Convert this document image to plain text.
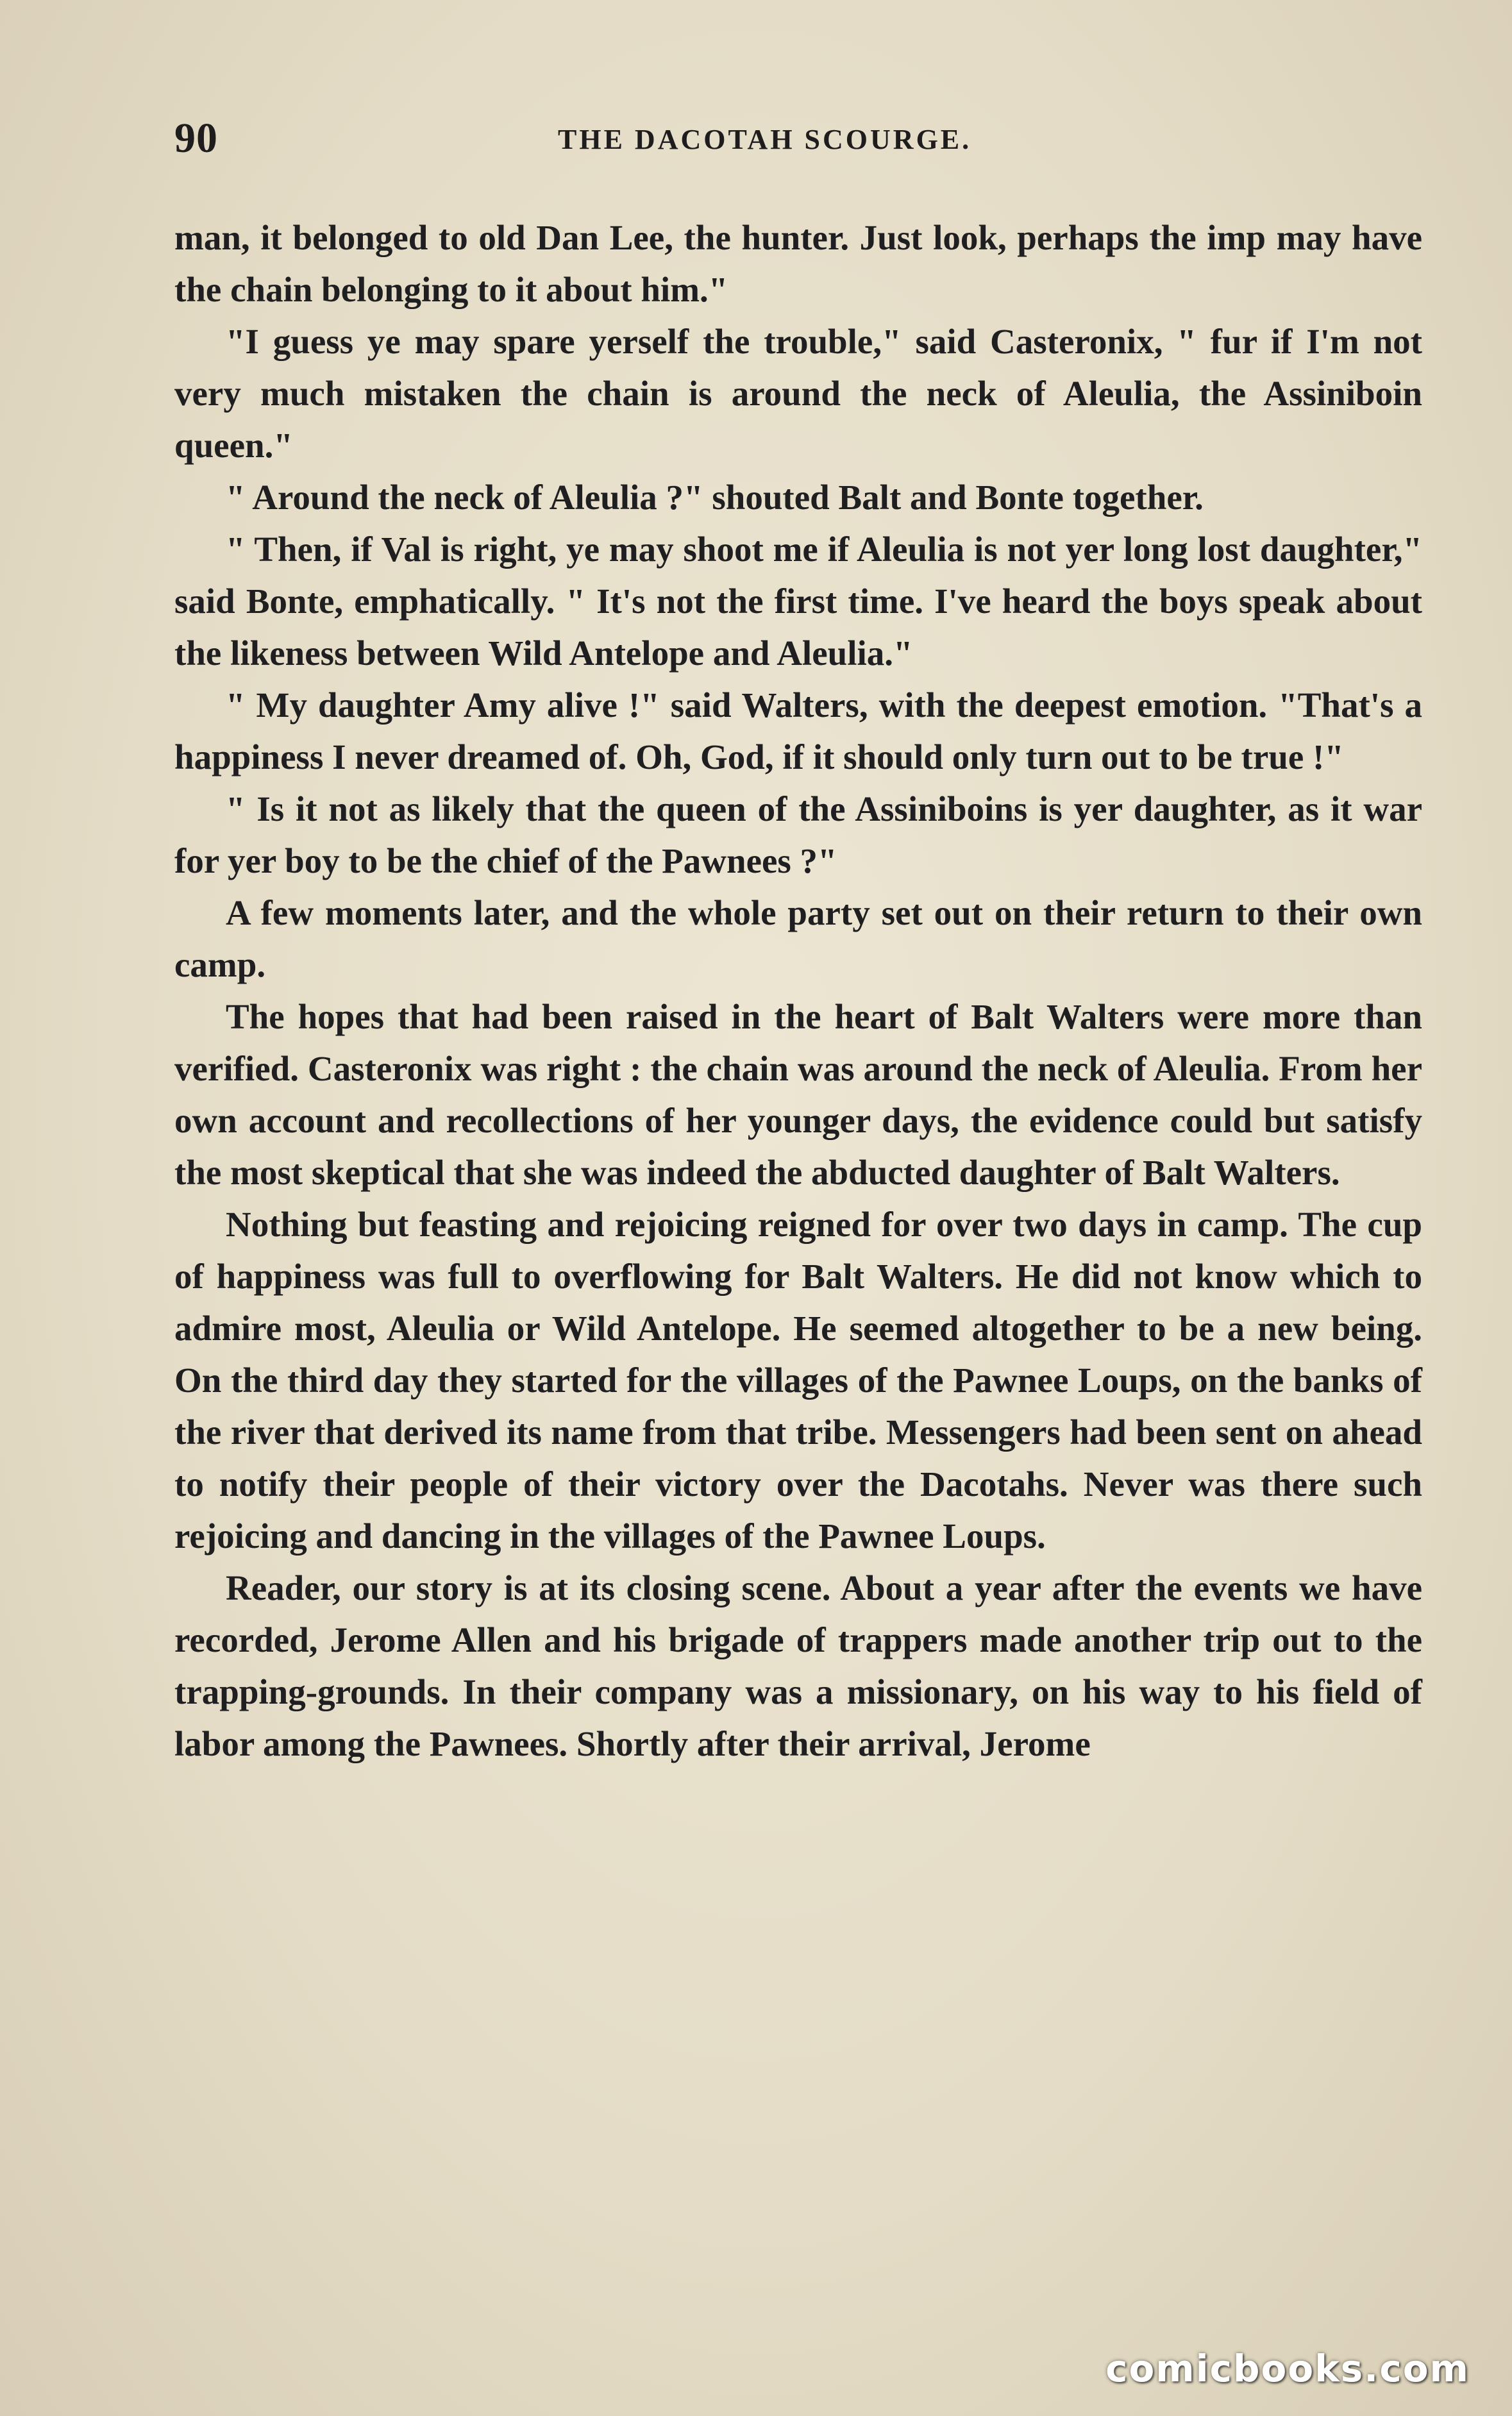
90	THE DACOTAH SCOURGE.

man, it belonged to old Dan Lee, the hunter. Just look, perhaps the imp may have the chain belonging to it about him."

"I guess ye may spare yerself the trouble," said Casteronix, " fur if I'm not very much mistaken the chain is around the neck of Aleulia, the Assiniboin queen."

" Around the neck of Aleulia ?" shouted Balt and Bonte together.

" Then, if Val is right, ye may shoot me if Aleulia is not yer long lost daughter," said Bonte, emphatically. " It's not the first time. I've heard the boys speak about the likeness between Wild Antelope and Aleulia."

" My daughter Amy alive !" said Walters, with the deepest emotion. "That's a happiness I never dreamed of. Oh, God, if it should only turn out to be true !"

" Is it not as likely that the queen of the Assiniboins is yer daughter, as it war for yer boy to be the chief of the Pawnees ?"

A few moments later, and the whole party set out on their return to their own camp.

The hopes that had been raised in the heart of Balt Walters were more than verified. Casteronix was right : the chain was around the neck of Aleulia. From her own account and recollections of her younger days, the evidence could but satisfy the most skeptical that she was indeed the abducted daughter of Balt Walters.

Nothing but feasting and rejoicing reigned for over two days in camp. The cup of happiness was full to overflowing for Balt Walters. He did not know which to admire most, Aleulia or Wild Antelope. He seemed altogether to be a new being. On the third day they started for the villages of the Pawnee Loups, on the banks of the river that derived its name from that tribe. Messengers had been sent on ahead to notify their people of their victory over the Dacotahs. Never was there such rejoicing and dancing in the villages of the Pawnee Loups.

Reader, our story is at its closing scene. About a year after the events we have recorded, Jerome Allen and his brigade of trappers made another trip out to the trapping-grounds. In their company was a missionary, on his way to his field of labor among the Pawnees. Shortly after their arrival, Jerome

comicbooks.com
